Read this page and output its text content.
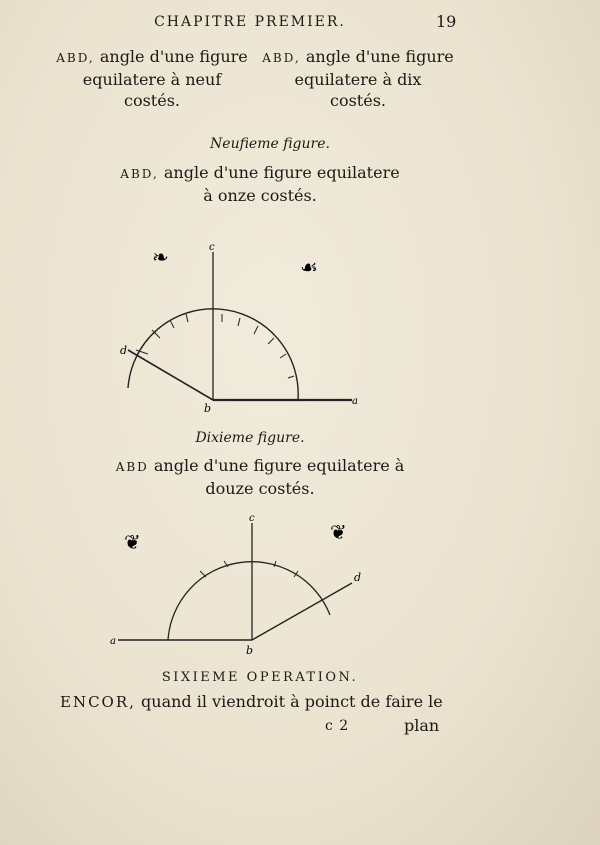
CHAPITRE PREMIER.	19
ABD, angle d'une figure
equilatere à neuf
costés.
ABD, angle d'une figure
equilatere à dix
costés.
Neufieme figure.
ABD, angle d'une figure equilatere
à onze costés.
❧	☙
c
d
b
a
Dixieme figure.
ABD angle d'une figure equilatere à
douze costés.
❦	❦
c
d
b
a
SIXIEME OPERATION.
ENCOR, quand il viendroit à poinct de faire le
c 2	plan
